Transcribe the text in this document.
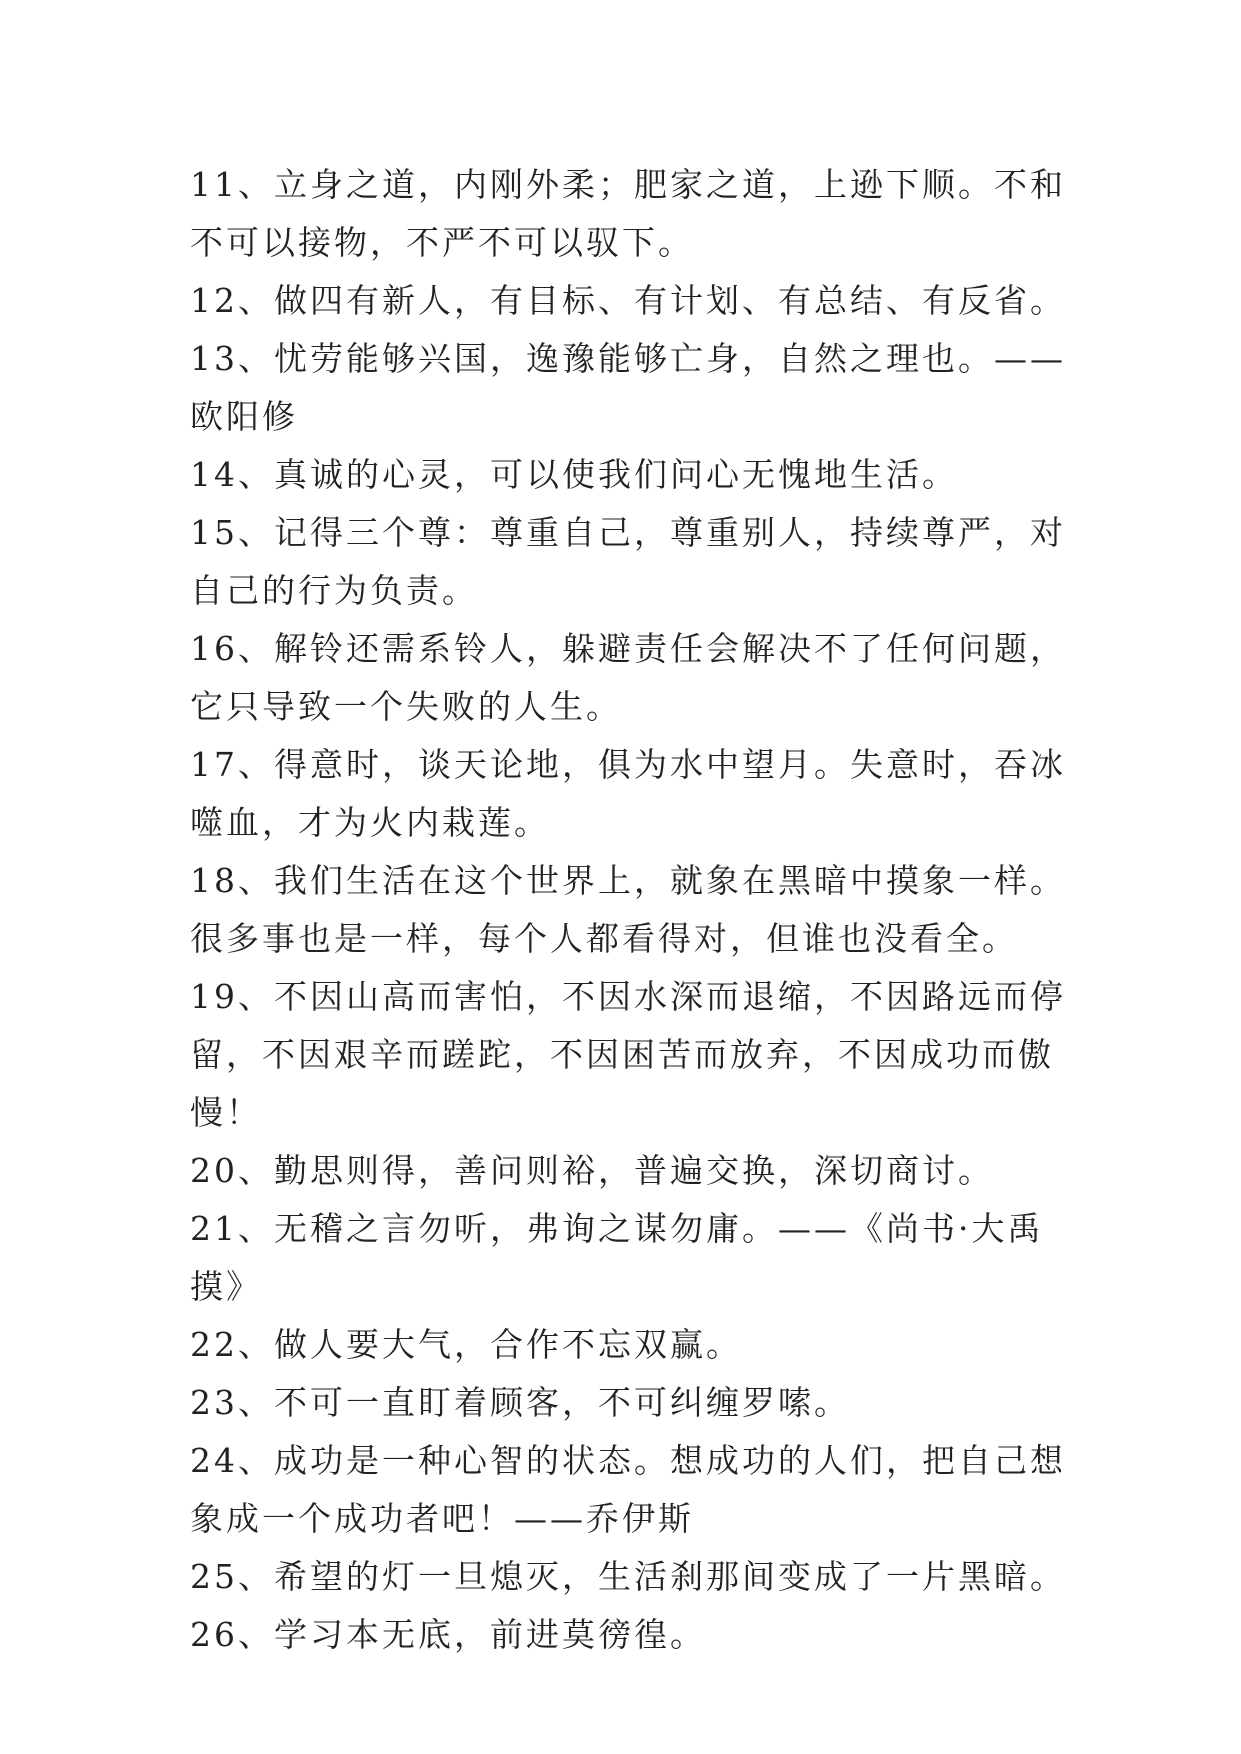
11、立身之道，内刚外柔；肥家之道，上逊下顺。不和不可以接物，不严不可以驭下。

12、做四有新人，有目标、有计划、有总结、有反省。

13、忧劳能够兴国，逸豫能够亡身，自然之理也。——欧阳修

14、真诚的心灵，可以使我们问心无愧地生活。

15、记得三个尊：尊重自己，尊重别人，持续尊严，对自己的行为负责。

16、解铃还需系铃人，躲避责任会解决不了任何问题，它只导致一个失败的人生。

17、得意时，谈天论地，俱为水中望月。失意时，吞冰噬血，才为火内栽莲。

18、我们生活在这个世界上，就象在黑暗中摸象一样。很多事也是一样，每个人都看得对，但谁也没看全。

19、不因山高而害怕，不因水深而退缩，不因路远而停留，不因艰辛而蹉跎，不因困苦而放弃，不因成功而傲慢！

20、勤思则得，善问则裕，普遍交换，深切商讨。

21、无稽之言勿听，弗询之谋勿庸。——《尚书·大禹摸》

22、做人要大气，合作不忘双赢。

23、不可一直盯着顾客，不可纠缠罗嗦。

24、成功是一种心智的状态。想成功的人们，把自己想象成一个成功者吧！——乔伊斯

25、希望的灯一旦熄灭，生活刹那间变成了一片黑暗。

26、学习本无底，前进莫徬徨。
